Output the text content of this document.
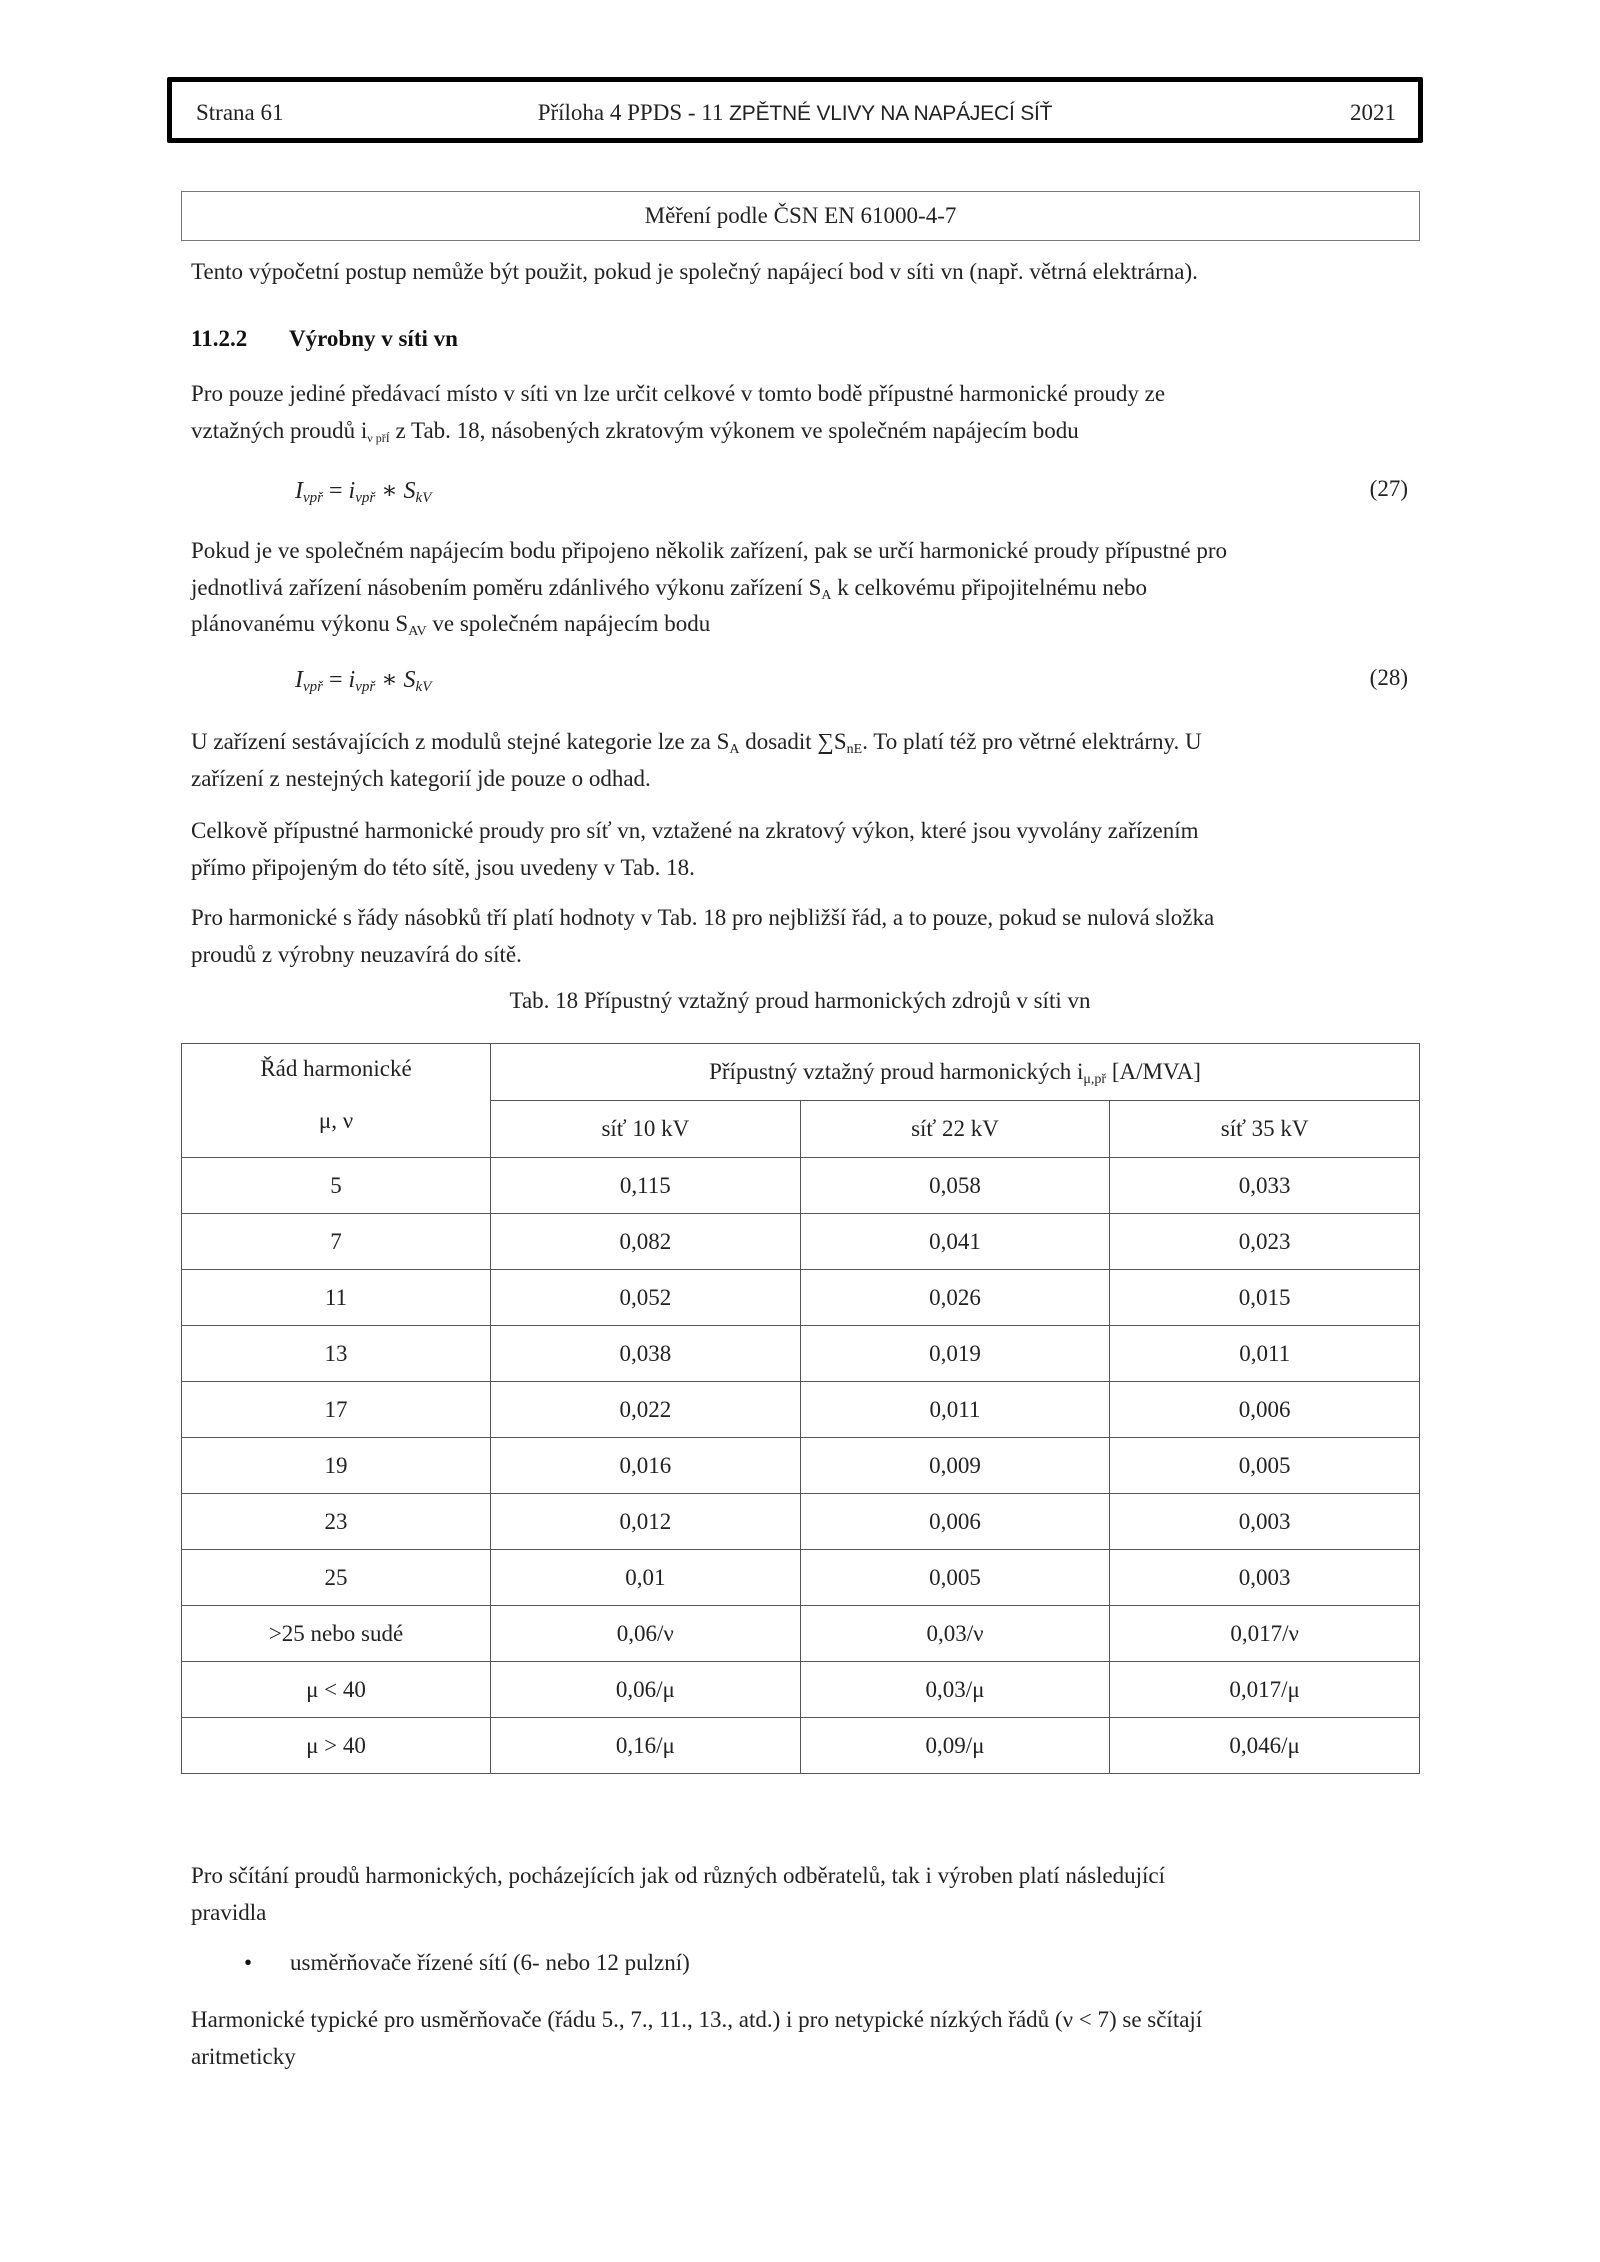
Strana 61	Příloha 4 PPDS - 11 ZPĚTNÉ VLIVY NA NAPÁJECÍ SÍŤ	2021
Měření podle ČSN EN 61000-4-7
Tento výpočetní postup nemůže být použit, pokud je společný napájecí bod v síti vn (např. větrná elektrárna).
11.2.2 Výrobny v síti vn
Pro pouze jediné předávací místo v síti vn lze určit celkové v tomto bodě přípustné harmonické proudy ze
vztažných proudů $i_{\nu přÍ}$ z Tab. 18, násobených zkratovým výkonem ve společném napájecím bodu
$I_{\nu př} = i_{\nu př}$ ∗ $S_{kV}$	(27)
Pokud je ve společném napájecím bodu připojeno několik zařízení, pak se určí harmonické proudy přípustné pro
jednotlivá zařízení násobením poměru zdánlivého výkonu zařízení $S_A$ k celkovému připojitelnému nebo
plánovanému výkonu $S_{AV}$ ve společném napájecím bodu
$I_{\nu př} = i_{\nu př}$ ∗ $S_{kV}$	(28)
U zařízení sestávajících z modulů stejné kategorie lze za $S_A$ dosadit $\sum S_{nE}$. To platí též pro větrné elektrárny. U
zařízení z nestejných kategorií jde pouze o odhad.
Celkově přípustné harmonické proudy pro síť vn, vztažené na zkratový výkon, které jsou vyvolány zařízením
přímo připojeným do této sítě, jsou uvedeny v Tab. 18.
Pro harmonické s řády násobků tří platí hodnoty v Tab. 18 pro nejbližší řád, a to pouze, pokud se nulová složka
proudů z výrobny neuzavírá do sítě.
Tab. 18 Přípustný vztažný proud harmonických zdrojů v síti vn
Řád harmonické
μ, ν	Přípustný vztažný proud harmonických $i_{\mu,př}$ [A/MVA]		
	síť 10 kV	síť 22 kV	síť 35 kV
5	0,115	0,058	0,033
7	0,082	0,041	0,023
11	0,052	0,026	0,015
13	0,038	0,019	0,011
17	0,022	0,011	0,006
19	0,016	0,009	0,005
23	0,012	0,006	0,003
25	0,01	0,005	0,003
>25 nebo sudé	0,06/ν	0,03/ν	0,017/ν
μ < 40	0,06/μ	0,03/μ	0,017/μ
μ > 40	0,16/μ	0,09/μ	0,046/μ
Pro sčítání proudů harmonických, pocházejících jak od různých odběratelů, tak i výroben platí následující
pravidla
• usměrňovače řízené sítí (6- nebo 12 pulzní)
Harmonické typické pro usměrňovače (řádu 5., 7., 11., 13., atd.) i pro netypické nízkých řádů (ν < 7) se sčítají
aritmeticky
